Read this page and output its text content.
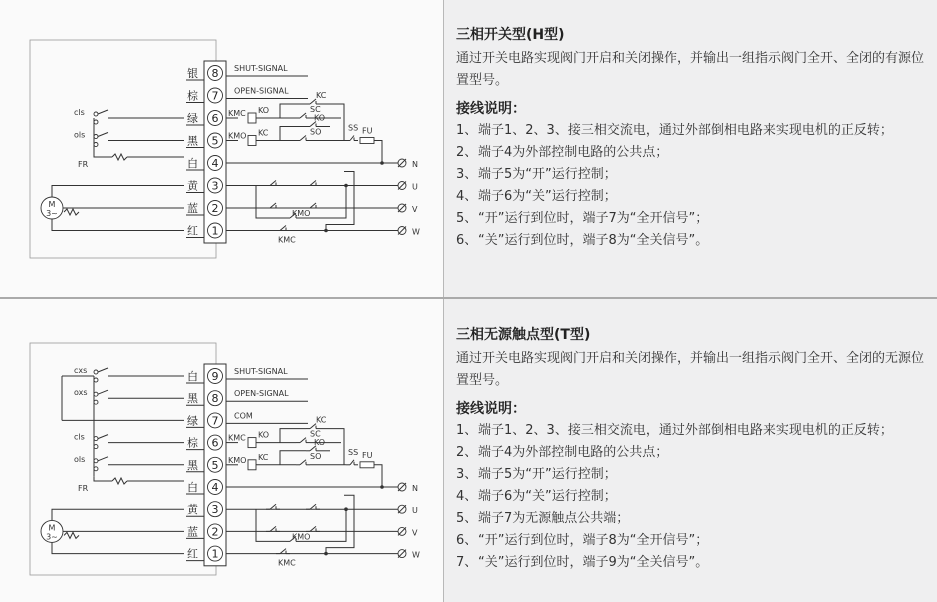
8
银	SHUT-SIGNAL
7
棕	OPEN-SIGNAL
6
绿
5
黑
4
白
3
黄
2
蓝
1
红
KMC KO	SC
KC
KMO KC	SO
KO
SS FU
N
U
V
W
KMO
KMC
cls
ols
FR
M
3~
9
白	SHUT-SIGNAL
8
黑	OPEN-SIGNAL
7
绿	COM
6
棕
5
黑
4
白
3
黄
2
蓝
1
红
KMC KO	SC
KC
KMO KC	SO
KO
SS FU
N
U
V
W
KMO
KMC
cxs
oxs
cls
ols
FR
M
3~
三相开关型(H型)

通过开关电路实现阀门开启和关闭操作，并输出一组指示阀门全开、全闭的有源位置型号。

接线说明：
1、 端子1、2、3、接三相交流电，通过外部倒相电路来实现电机的正反转；
2、 端子4为外部控制电路的公共点；
3、 端子5为“开”运行控制；
4、 端子6为“关”运行控制；
5、 “开”运行到位时，端子7为“全开信号”；
6、 “关”运行到位时，端子8为“全关信号”。
三相无源触点型(T型)

通过开关电路实现阀门开启和关闭操作，并输出一组指示阀门全开、全闭的无源位置型号。

接线说明：
1、 端子1、2、3、接三相交流电，通过外部倒相电路来实现电机的正反转；
2、 端子4为外部控制电路的公共点；
3、 端子5为“开”运行控制；
4、 端子6为“关”运行控制；
5、 端子7为无源触点公共端；
6、 “开”运行到位时，端子8为“全开信号”；
7、 “关”运行到位时，端子9为“全关信号”。
